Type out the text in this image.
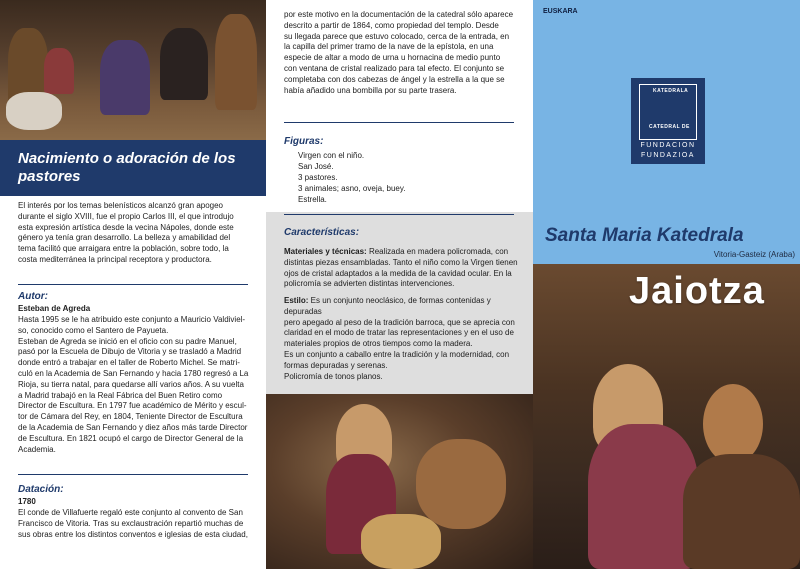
Nacimiento o adoración de los pastores
El interés por los temas belenísticos alcanzó gran apogeo
durante el siglo XVIII, fue el propio Carlos III, el que introdujo
esta expresión artística desde la vecina Nápoles, donde este
género ya tenía gran desarrollo. La belleza y amabilidad del
tema facilitó que arraigara entre la población, sobre todo, la
costa mediterránea la principal receptora y productora.
Autor:
Esteban de Agreda
Hasta 1995 se le ha atribuido este conjunto a Mauricio Valdiviel-
so, conocido como el Santero de Payueta.
Esteban de Agreda se inició en el oficio con su padre Manuel,
pasó por la Escuela de Dibujo de Vitoria y se trasladó a Madrid
donde entró a trabajar en el taller de Roberto Michel. Se matri-
culó en la Academia de San Fernando y hacia 1780 regresó a La
Rioja, su tierra natal, para quedarse allí varios años. A su vuelta
a Madrid trabajó en la Real Fábrica del Buen Retiro como
Director de Escultura. En 1797 fue académico de Mérito y escul-
tor de Cámara del Rey, en 1804, Teniente Director de Escultura
de la Academia de San Fernando y diez años más tarde Director
de Escultura. En 1821 ocupó el cargo de Director General de la
Academia.
Datación:
1780
El conde de Villafuerte regaló este conjunto al convento de San
Francisco de Vitoria. Tras su exclaustración repartió muchas de
sus obras entre los distintos conventos e iglesias de esta ciudad,
por este motivo en la documentación de la catedral sólo aparece
descrito a partir de 1864, como propiedad del templo. Desde
su llegada parece que estuvo colocado, cerca de la entrada, en
la capilla del primer tramo de la nave de la epístola, en una
especie de altar a modo de urna u hornacina de medio punto
con ventana de cristal realizado para tal efecto. El conjunto se
completaba con dos cabezas de ángel y la estrella a la que se
había añadido una bombilla por su parte trasera.
Figuras:
Virgen con el niño.
San José.
3 pastores.
3 animales; asno, oveja, buey.
Estrella.
Características:
Materiales y técnicas: Realizada en madera policromada, con
distintas piezas ensambladas. Tanto el niño como la Virgen tienen
ojos de cristal adaptados a la medida de la cavidad ocular. En la
policromía se advierten distintas intervenciones.
Estilo: Es un conjunto neoclásico, de formas contenidas y depuradas
pero apegado al peso de la tradición barroca, que se aprecia con
claridad en el modo de tratar las representaciones y en el uso de
materiales propios de otros tiempos como la madera.
Es un conjunto a caballo entre la tradición y la modernidad, con
formas depuradas y serenas.
Policromía de tonos planos.
EUSKARA
KATEDRALA
CATEDRAL DE
FUNDACION
FUNDAZIOA
Santa Maria Katedrala
Vitoria-Gasteiz (Araba)
Jaiotza
